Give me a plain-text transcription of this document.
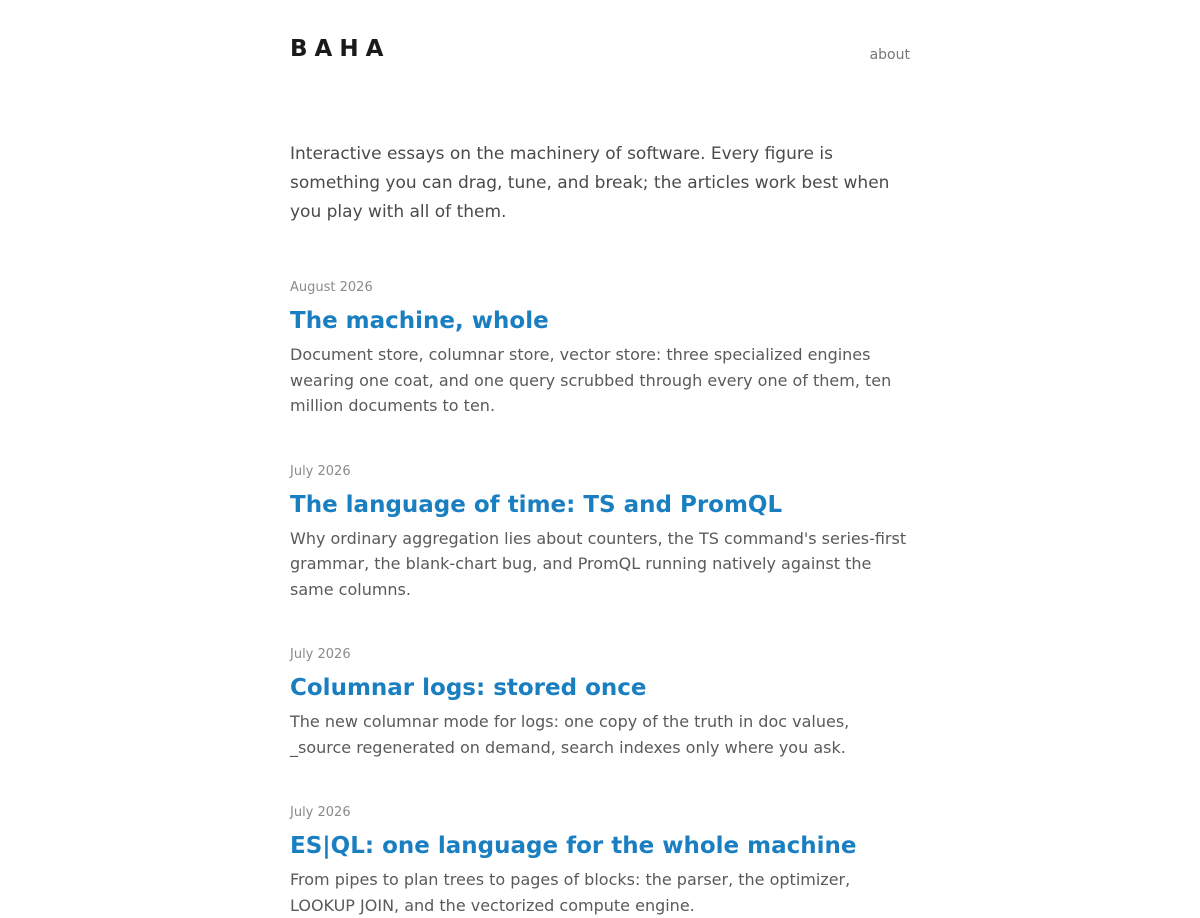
BAHA	about

Interactive essays on the machinery of software. Every figure is something you can drag, tune, and break; the articles work best when you play with all of them.

August 2026
The machine, whole

Document store, columnar store, vector store: three specialized engines wearing one coat, and one query scrubbed through every one of them, ten million documents to ten.

July 2026
The language of time: TS and PromQL

Why ordinary aggregation lies about counters, the TS command's series-first grammar, the blank-chart bug, and PromQL running natively against the same columns.

July 2026
Columnar logs: stored once

The new columnar mode for logs: one copy of the truth in doc values, _source regenerated on demand, search indexes only where you ask.

July 2026
ES|QL: one language for the whole machine

From pipes to plan trees to pages of blocks: the parser, the optimizer, LOOKUP JOIN, and the vectorized compute engine.
